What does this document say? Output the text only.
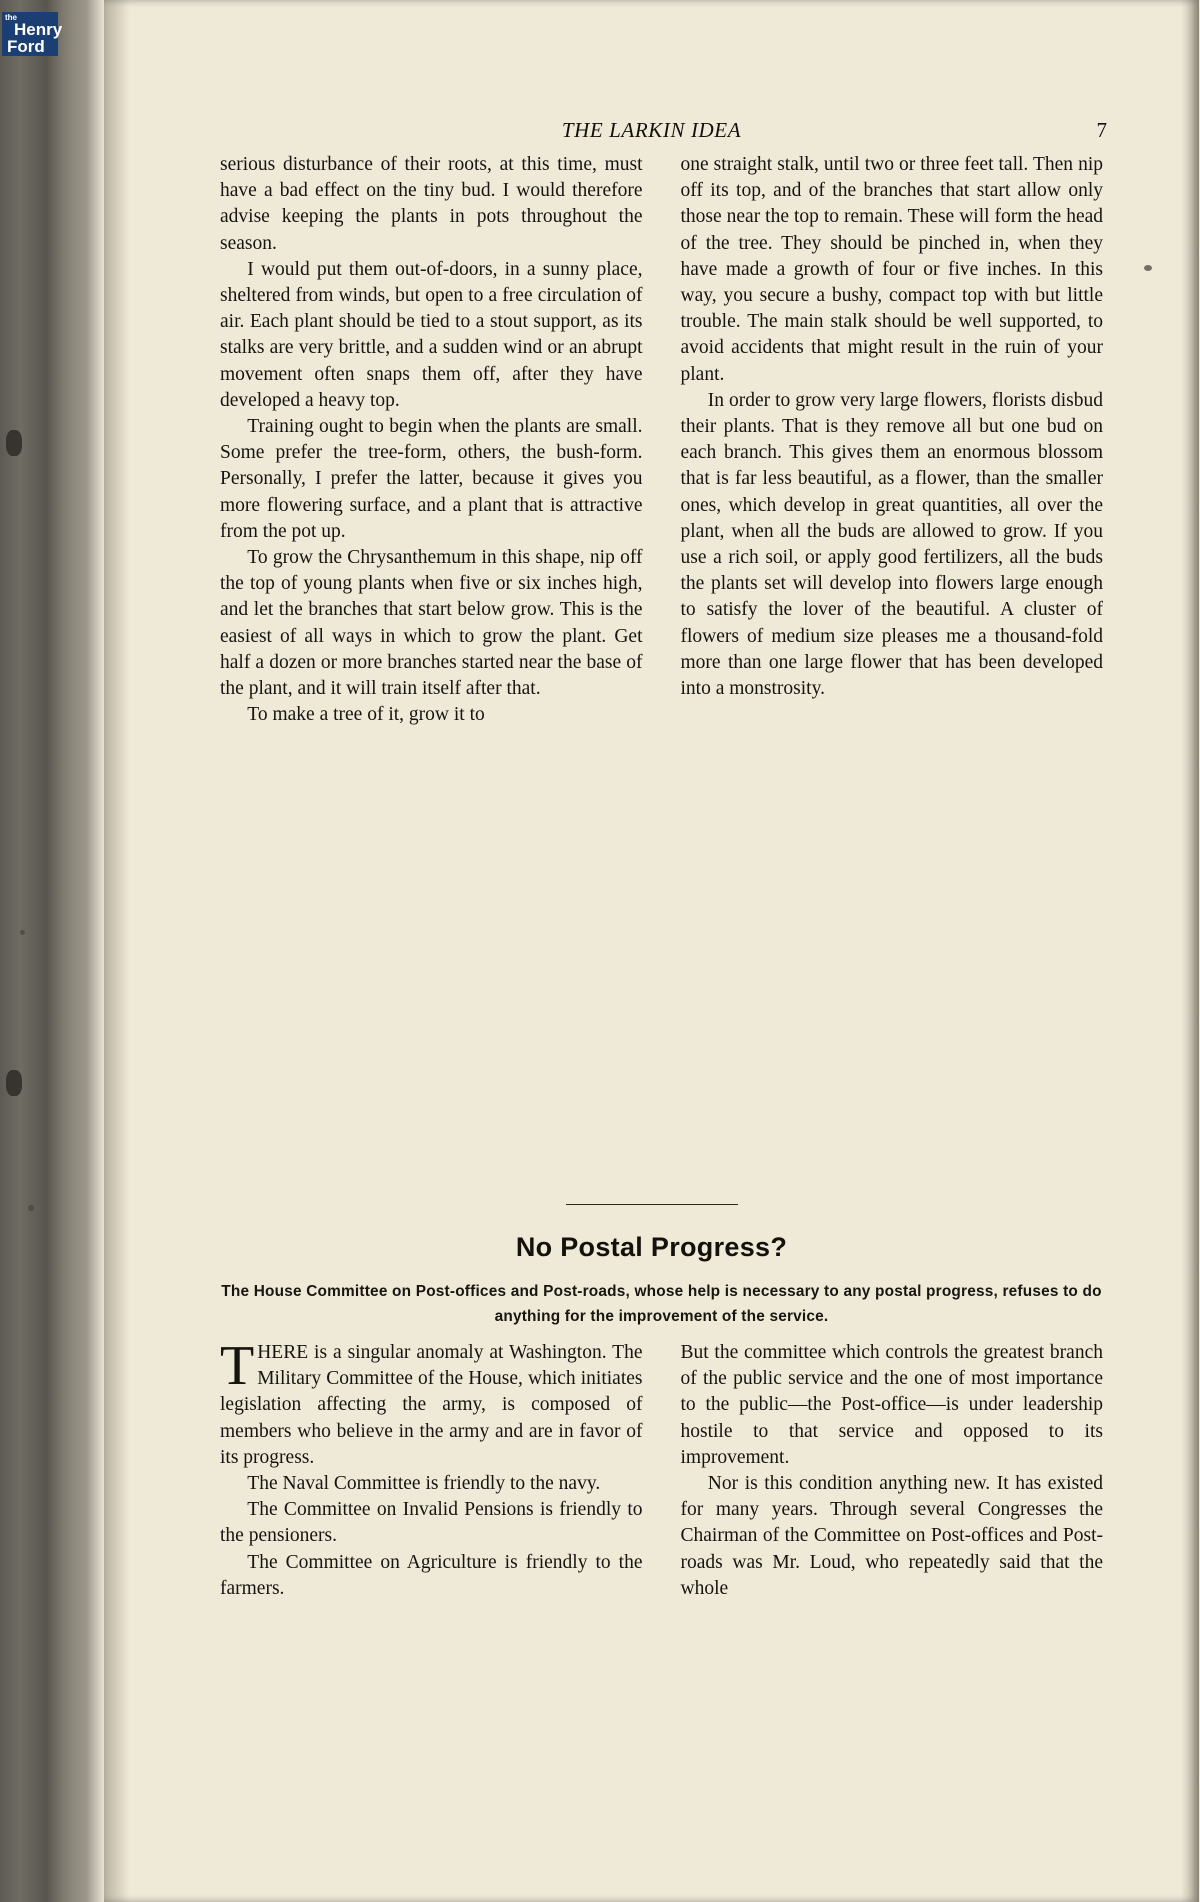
the
Henry
Ford
THE LARKIN IDEA	7

serious disturbance of their roots, at this time, must have a bad effect on the tiny bud. I would therefore advise keeping the plants in pots throughout the season.

I would put them out-of-doors, in a sunny place, sheltered from winds, but open to a free circulation of air. Each plant should be tied to a stout support, as its stalks are very brittle, and a sudden wind or an abrupt movement often snaps them off, after they have developed a heavy top.

Training ought to begin when the plants are small. Some prefer the tree-form, others, the bush-form. Personally, I prefer the latter, because it gives you more flowering surface, and a plant that is attractive from the pot up.

To grow the Chrysanthemum in this shape, nip off the top of young plants when five or six inches high, and let the branches that start below grow. This is the easiest of all ways in which to grow the plant. Get half a dozen or more branches started near the base of the plant, and it will train itself after that.

To make a tree of it, grow it to

one straight stalk, until two or three feet tall. Then nip off its top, and of the branches that start allow only those near the top to remain. These will form the head of the tree. They should be pinched in, when they have made a growth of four or five inches. In this way, you secure a bushy, compact top with but little trouble. The main stalk should be well supported, to avoid accidents that might result in the ruin of your plant.

In order to grow very large flowers, florists disbud their plants. That is they remove all but one bud on each branch. This gives them an enormous blossom that is far less beautiful, as a flower, than the smaller ones, which develop in great quantities, all over the plant, when all the buds are allowed to grow. If you use a rich soil, or apply good fertilizers, all the buds the plants set will develop into flowers large enough to satisfy the lover of the beautiful. A cluster of flowers of medium size pleases me a thousand-fold more than one large flower that has been developed into a monstrosity.

No Postal Progress?
The House Committee on Post-offices and Post-roads, whose help is necessary to any postal progress, refuses to do anything for the improvement of the service.

THERE is a singular anomaly at Washington. The Military Committee of the House, which initiates legislation affecting the army, is composed of members who believe in the army and are in favor of its progress.

The Naval Committee is friendly to the navy.

The Committee on Invalid Pensions is friendly to the pensioners.

The Committee on Agriculture is friendly to the farmers.

But the committee which controls the greatest branch of the public service and the one of most importance to the public—the Post-office—is under leadership hostile to that service and opposed to its improvement.

Nor is this condition anything new. It has existed for many years. Through several Congresses the Chairman of the Committee on Post-offices and Post-roads was Mr. Loud, who repeatedly said that the whole
